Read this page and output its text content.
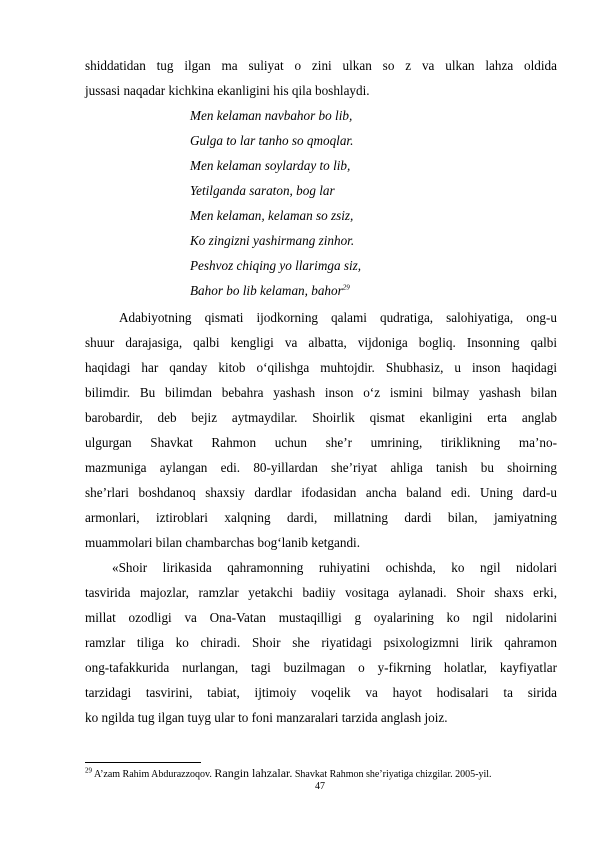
shiddatidan tug ilgan ma suliyat o zini ulkan so z va ulkan lahza oldida
jussasi naqadar kichkina ekanligini his qila boshlaydi.
Men kelaman navbahor bo lib,
Gulga to lar tanho so qmoqlar.
Men kelaman soylarday to lib,
Yetilganda saraton, bog lar
Men kelaman, kelaman so zsiz,
Ko zingizni yashirmang zinhor.
Peshvoz chiqing yo llarimga siz,
Bahor bo lib kelaman, bahor$^{29}$
Adabiyotning qismati ijodkorning qalami qudratiga, salohiyatiga, ong-u
shuur darajasiga, qalbi kengligi va albatta, vijdoniga bogliq. Insonning qalbi
haqidagi har qanday kitob o‘qilishga muhtojdir. Shubhasiz, u inson haqidagi
bilimdir. Bu bilimdan bebahra yashash inson o‘z ismini bilmay yashash bilan
barobardir, deb bejiz aytmaydilar. Shoirlik qismat ekanligini erta anglab
ulgurgan Shavkat Rahmon uchun she’r umrining, tiriklikning ma’no-
mazmuniga aylangan edi. 80-yillardan she’riyat ahliga tanish bu shoirning
she’rlari boshdanoq shaxsiy dardlar ifodasidan ancha baland edi. Uning dard-u
armonlari, iztiroblari xalqning dardi, millatning dardi bilan, jamiyatning
muammolari bilan chambarchas bog‘lanib ketgandi.
«Shoir lirikasida qahramonning ruhiyatini ochishda, ko ngil nidolari
tasvirida majozlar, ramzlar yetakchi badiiy vositaga aylanadi. Shoir shaxs erki,
millat ozodligi va Ona-Vatan mustaqilligi g oyalarining ko ngil nidolarini
ramzlar tiliga ko chiradi. Shoir she riyatidagi psixologizmni lirik qahramon
ong-tafakkurida nurlangan, tagi buzilmagan o y-fikrning holatlar, kayfiyatlar
tarzidagi tasvirini, tabiat, ijtimoiy voqelik va hayot hodisalari ta sirida
ko ngilda tug ilgan tuyg ular to foni manzaralari tarzida anglash joiz.
$^{29}$ A’zam Rahim Abdurazzoqov. Rangin lahzalar. Shavkat Rahmon she’riyatiga chizgilar. 2005-yil.
47
